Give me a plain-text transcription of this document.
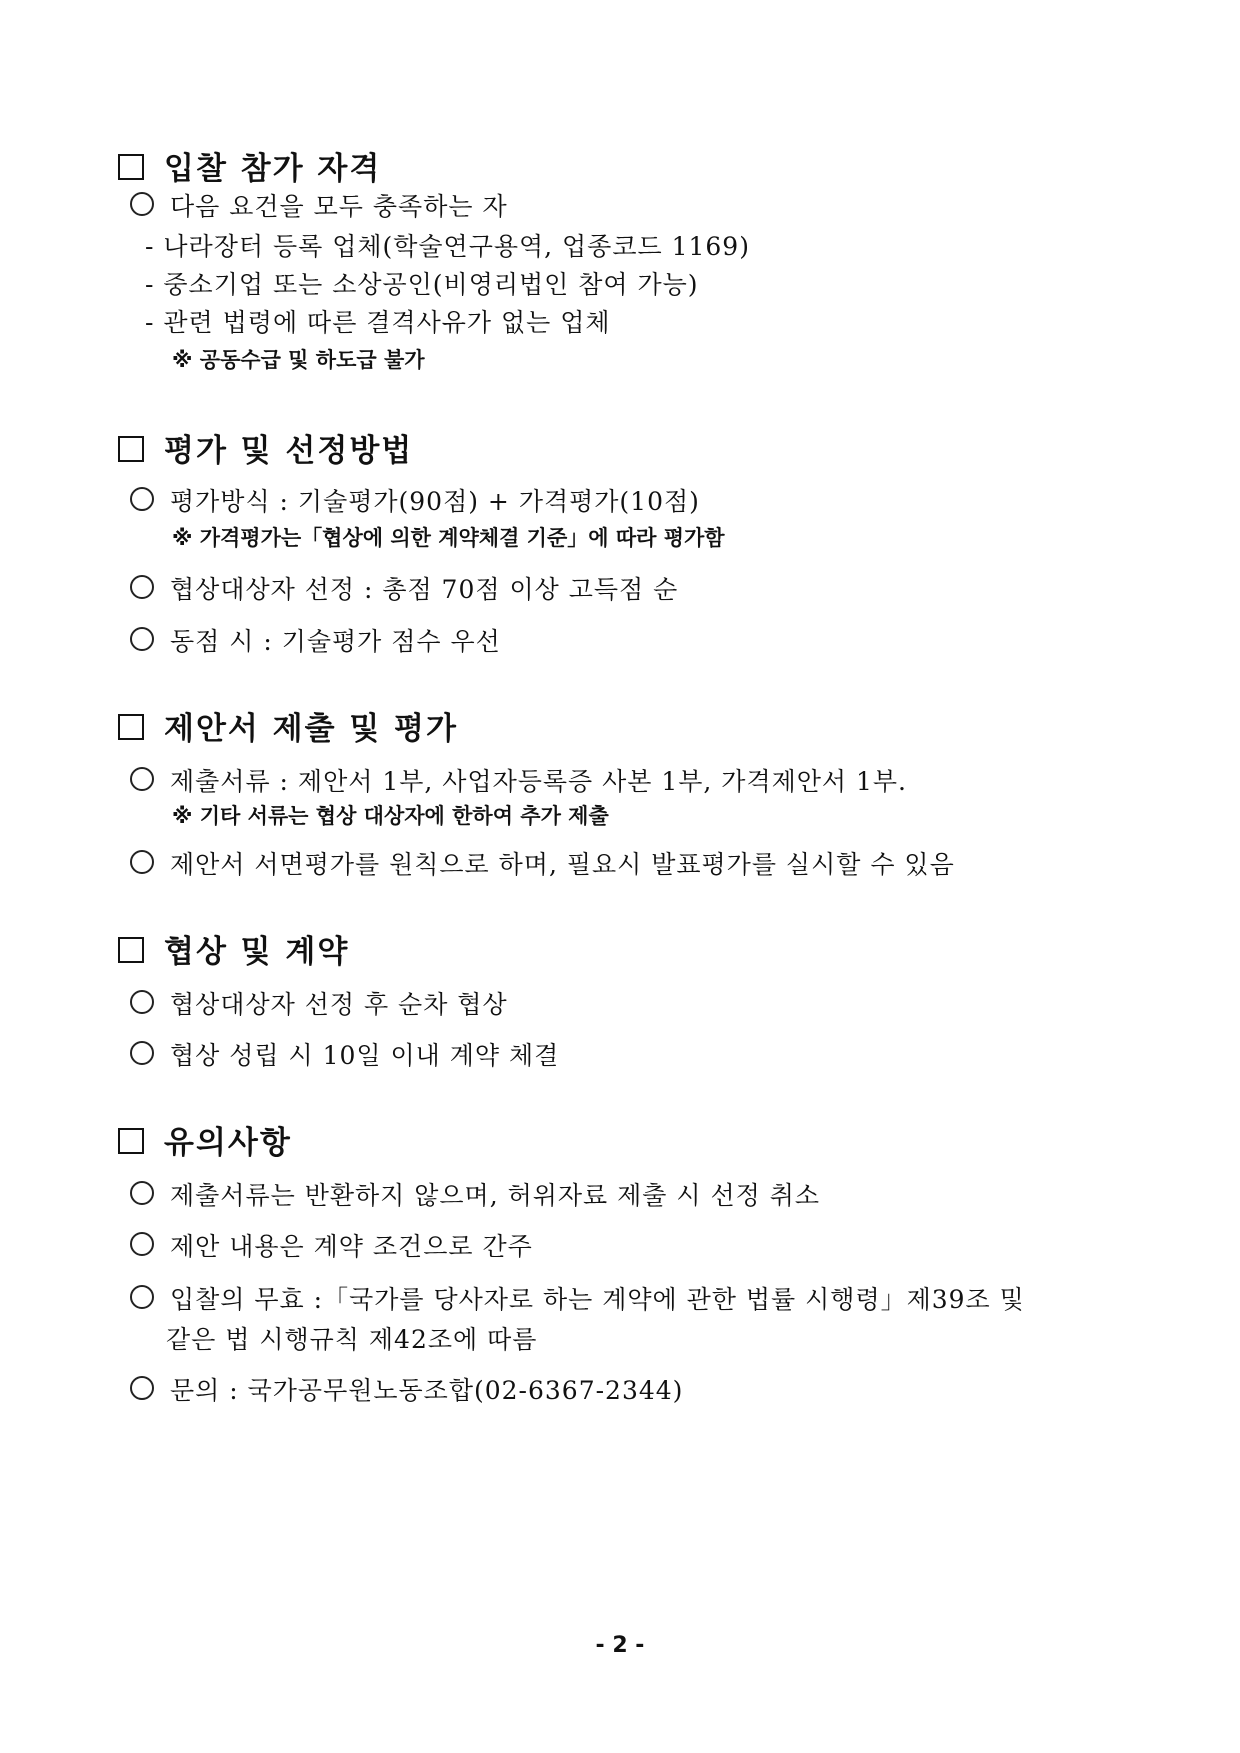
입찰 참가 자격
다음 요건을 모두 충족하는 자
- 나라장터 등록 업체(학술연구용역, 업종코드 1169)
- 중소기업 또는 소상공인(비영리법인 참여 가능)
- 관련 법령에 따른 결격사유가 없는 업체
※ 공동수급 및 하도급 불가
평가 및 선정방법
평가방식 : 기술평가(90점) + 가격평가(10점)
※ 가격평가는「협상에 의한 계약체결 기준」에 따라 평가함
협상대상자 선정 : 총점 70점 이상 고득점 순
동점 시 : 기술평가 점수 우선
제안서 제출 및 평가
제출서류 : 제안서 1부, 사업자등록증 사본 1부, 가격제안서 1부.
※ 기타 서류는 협상 대상자에 한하여 추가 제출
제안서 서면평가를 원칙으로 하며, 필요시 발표평가를 실시할 수 있음
협상 및 계약
협상대상자 선정 후 순차 협상
협상 성립 시 10일 이내 계약 체결
유의사항
제출서류는 반환하지 않으며, 허위자료 제출 시 선정 취소
제안 내용은 계약 조건으로 간주
입찰의 무효 :「국가를 당사자로 하는 계약에 관한 법률 시행령」제39조 및
같은 법 시행규칙 제42조에 따름
문의 : 국가공무원노동조합(02-6367-2344)
- 2 -
